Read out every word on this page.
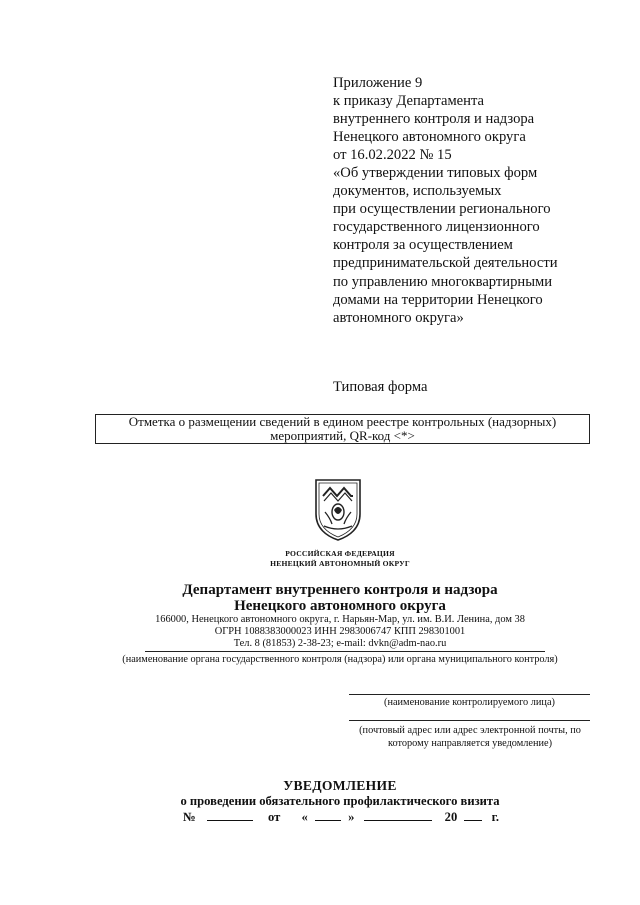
Приложение 9
к приказу Департамента
внутреннего контроля и надзора
Ненецкого автономного округа
от 16.02.2022 № 15
«Об утверждении типовых форм
документов, используемых
при осуществлении регионального
государственного лицензионного
контроля за осуществлением
предпринимательской деятельности
по управлению многоквартирными
домами на территории Ненецкого
автономного округа»
Типовая форма
Отметка о размещении сведений в едином реестре контрольных (надзорных)
мероприятий, QR-код <*>
РОССИЙСКАЯ ФЕДЕРАЦИЯ
НЕНЕЦКИЙ АВТОНОМНЫЙ ОКРУГ
Департамент внутреннего контроля и надзора
Ненецкого автономного округа
166000, Ненецкого автономного округа, г. Нарьян-Мар, ул. им. В.И. Ленина, дом 38
ОГРН 1088383000023 ИНН 2983006747 КПП 298301001
Тел. 8 (81853) 2-38-23; e-mail: dvkn@adm-nao.ru
(наименование органа государственного контроля (надзора) или органа муниципального контроля)
(наименование контролируемого лица)
(почтовый адрес или адрес электронной почты, по
которому направляется уведомление)
УВЕДОМЛЕНИЕ
о проведении обязательного профилактического визита
№	от «	»	20	г.
